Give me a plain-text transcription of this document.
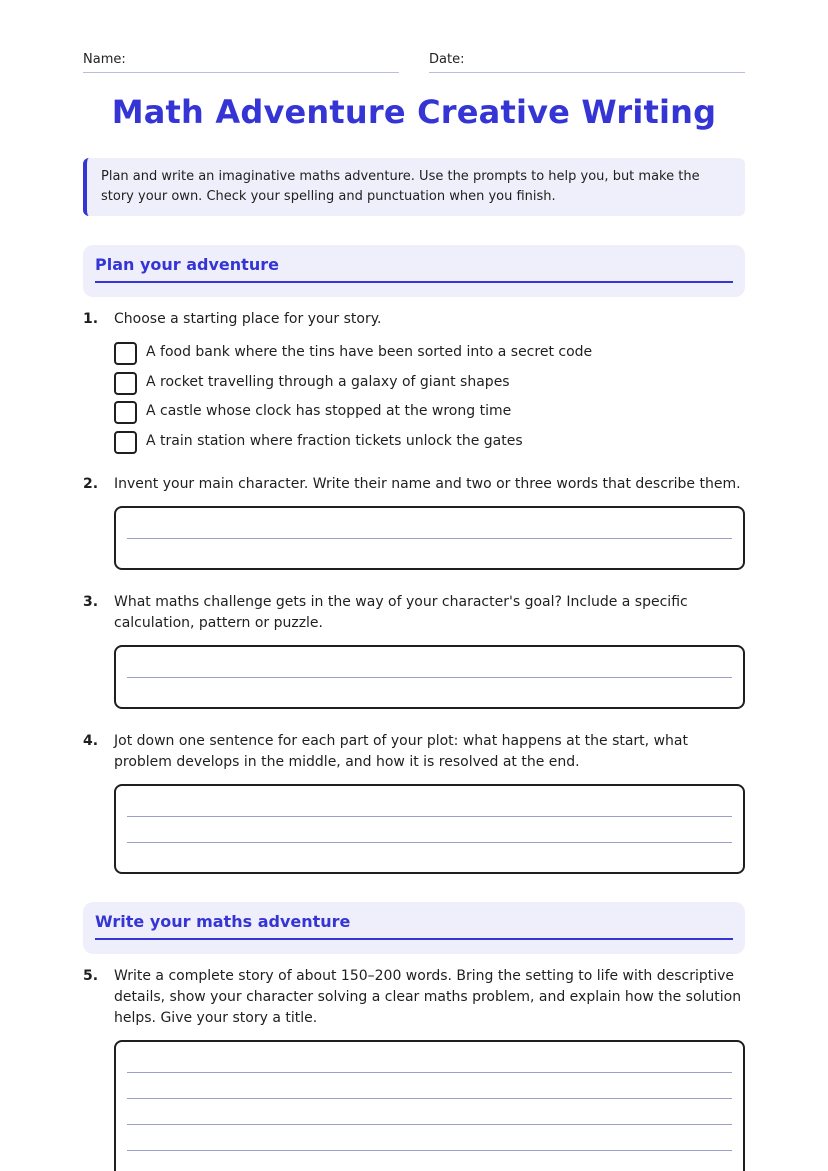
Name:	Date:
Math Adventure Creative Writing
Plan and write an imaginative maths adventure. Use the prompts to help you, but make the story your own. Check your spelling and punctuation when you finish.
Plan your adventure
1. Choose a starting place for your story.
A food bank where the tins have been sorted into a secret code
A rocket travelling through a galaxy of giant shapes
A castle whose clock has stopped at the wrong time
A train station where fraction tickets unlock the gates
2. Invent your main character. Write their name and two or three words that describe them.
3. What maths challenge gets in the way of your character's goal? Include a specific calculation, pattern or puzzle.
4. Jot down one sentence for each part of your plot: what happens at the start, what problem develops in the middle, and how it is resolved at the end.
Write your maths adventure
5. Write a complete story of about 150–200 words. Bring the setting to life with descriptive details, show your character solving a clear maths problem, and explain how the solution helps. Give your story a title.
